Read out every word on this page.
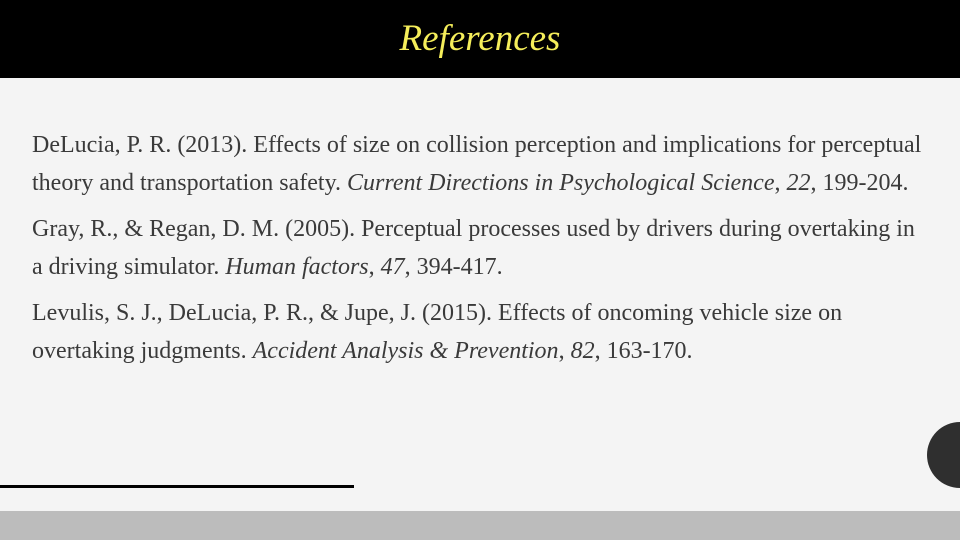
References

DeLucia, P. R. (2013). Effects of size on collision perception and implications for perceptual theory and transportation safety. Current Directions in Psychological Science, 22, 199-204.

Gray, R., & Regan, D. M. (2005). Perceptual processes used by drivers during overtaking in a driving simulator. Human factors, 47, 394-417.

Levulis, S. J., DeLucia, P. R., & Jupe, J. (2015). Effects of oncoming vehicle size on overtaking judgments. Accident Analysis & Prevention, 82, 163-170.
